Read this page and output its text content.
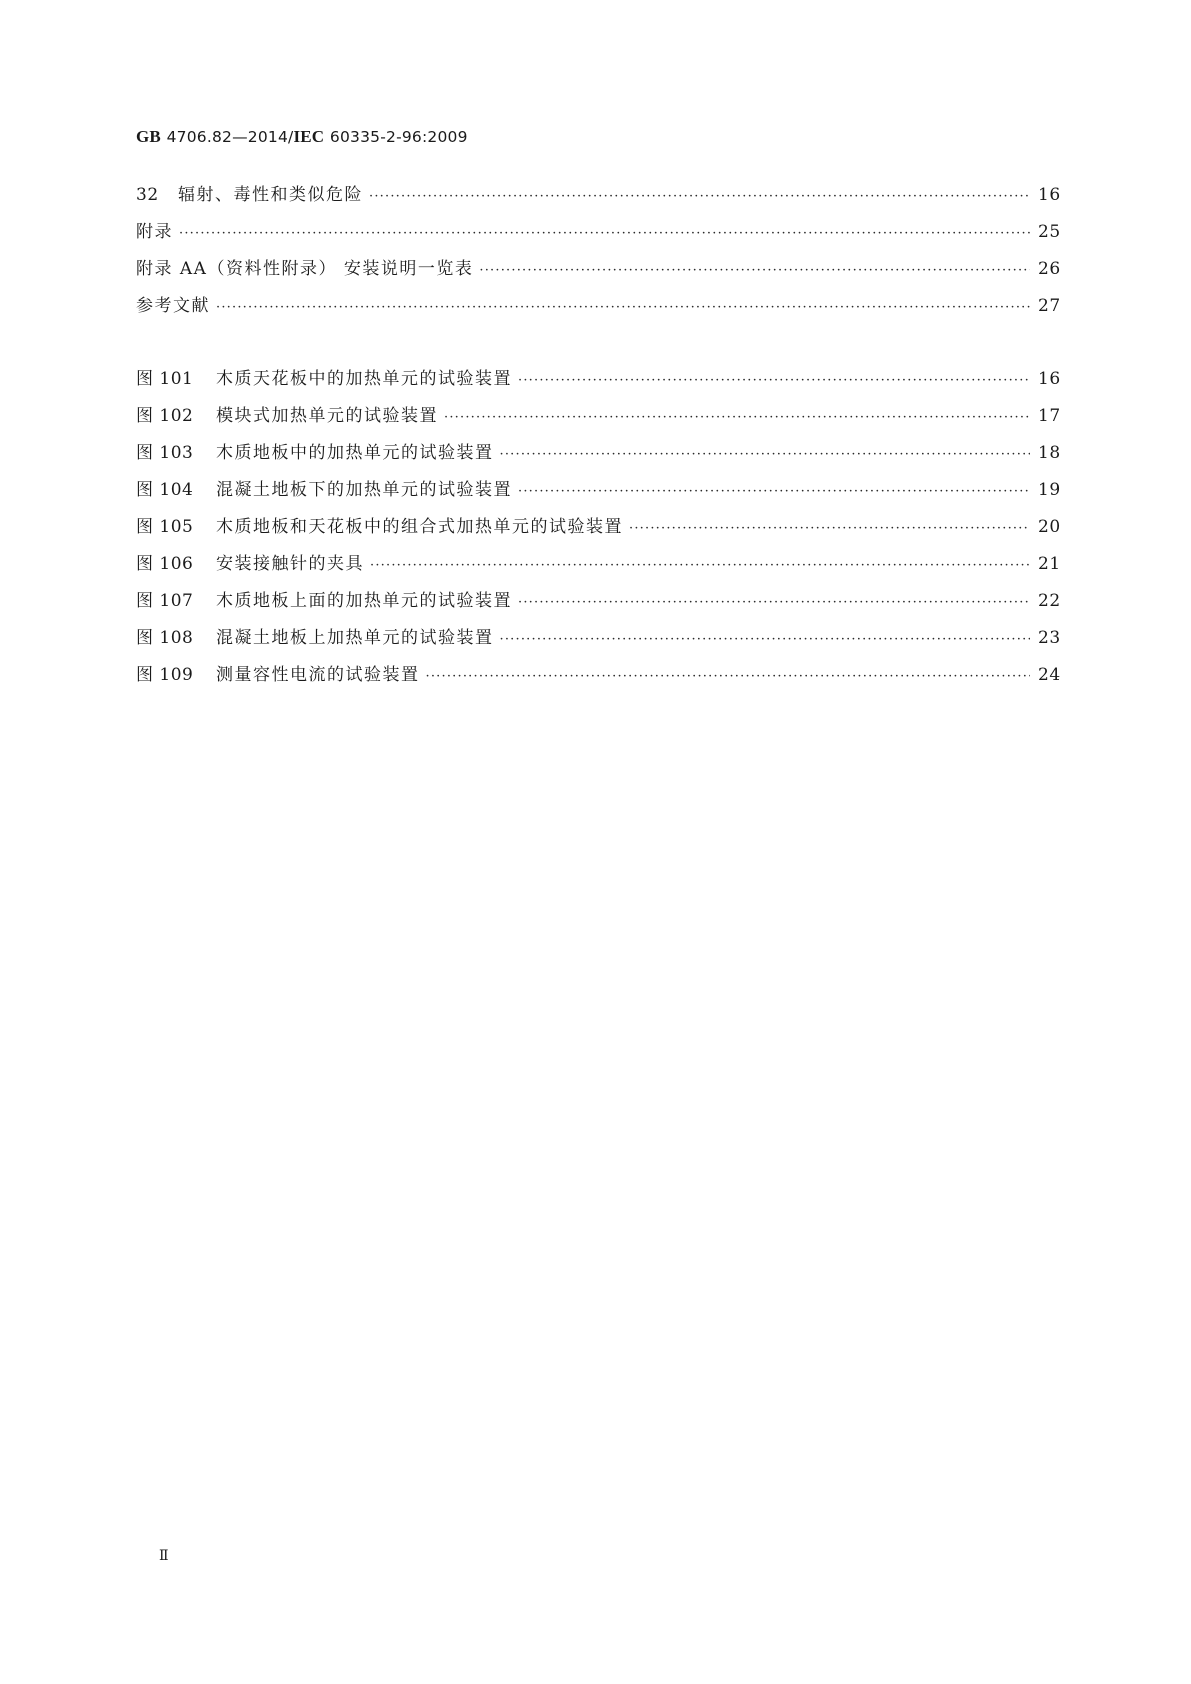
GB 4706.82—2014/IEC 60335-2-96:2009
32	辐射、毒性和类似危险 ·····	16
附录 ·····	25
附录 AA（资料性附录） 安装说明一览表 ·····	26
参考文献 ·····	27
图 101	木质天花板中的加热单元的试验装置 ·····	16
图 102	模块式加热单元的试验装置 ·····	17
图 103	木质地板中的加热单元的试验装置 ·····	18
图 104	混凝土地板下的加热单元的试验装置 ·····	19
图 105	木质地板和天花板中的组合式加热单元的试验装置 ·····	20
图 106	安装接触针的夹具 ·····	21
图 107	木质地板上面的加热单元的试验装置 ·····	22
图 108	混凝土地板上加热单元的试验装置 ·····	23
图 109	测量容性电流的试验装置 ·····	24
Ⅱ
